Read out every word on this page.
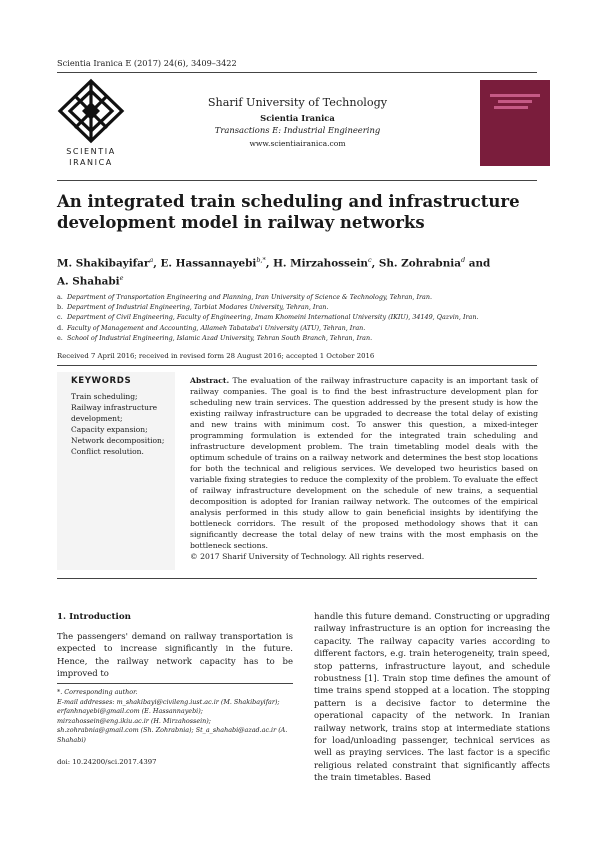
Scientia Iranica E (2017) 24(6), 3409–3422
SCIENTIA
IRANICA
Sharif University of Technology
Scientia Iranica
Transactions E: Industrial Engineering
www.scientiairanica.com
An integrated train scheduling and infrastructure development model in railway networks
M. Shakibayifar$^a$, E. Hassannayebi$^{b,*}$, H. Mirzahossein$^c$, Sh. Zohrabnia$^d$ and
A. Shahabi$^e$
a. Department of Transportation Engineering and Planning, Iran University of Science & Technology, Tehran, Iran.
b. Department of Industrial Engineering, Tarbiat Modares University, Tehran, Iran.
c. Department of Civil Engineering, Faculty of Engineering, Imam Khomeini International University (IKIU), 34149, Qazvin, Iran.
d. Faculty of Management and Accounting, Allameh Tabataba'i University (ATU), Tehran, Iran.
e. School of Industrial Engineering, Islamic Azad University, Tehran South Branch, Tehran, Iran.
Received 7 April 2016; received in revised form 28 August 2016; accepted 1 October 2016
KEYWORDS
Train scheduling;
Railway infrastructure development;
Capacity expansion;
Network decomposition;
Conflict resolution.
Abstract. The evaluation of the railway infrastructure capacity is an important task of railway companies. The goal is to find the best infrastructure development plan for scheduling new train services. The question addressed by the present study is how the existing railway infrastructure can be upgraded to decrease the total delay of existing and new trains with minimum cost. To answer this question, a mixed-integer programming formulation is extended for the integrated train scheduling and infrastructure development problem. The train timetabling model deals with the optimum schedule of trains on a railway network and determines the best stop locations for both the technical and religious services. We developed two heuristics based on variable fixing strategies to reduce the complexity of the problem. To evaluate the effect of railway infrastructure development on the schedule of new trains, a sequential decomposition is adopted for Iranian railway network. The outcomes of the empirical analysis performed in this study allow to gain beneficial insights by identifying the bottleneck corridors. The result of the proposed methodology shows that it can significantly decrease the total delay of new trains with the most emphasis on the bottleneck sections.
© 2017 Sharif University of Technology. All rights reserved.
1. Introduction
The passengers' demand on railway transportation is expected to increase significantly in the future. Hence, the railway network capacity has to be improved to
*. Corresponding author.
E-mail addresses: m_shakibayi@civileng.iust.ac.ir (M. Shakibayifar); erfanhnayebi@gmail.com (E. Hassannayebi); mirzahossein@eng.ikiu.ac.ir (H. Mirzahossein); sh.zohrabnia@gmail.com (Sh. Zohrabnia); St_a_shahabi@azad.ac.ir (A. Shahabi)
doi: 10.24200/sci.2017.4397
handle this future demand. Constructing or upgrading railway infrastructure is an option for increasing the capacity. The railway capacity varies according to different factors, e.g. train heterogeneity, train speed, stop patterns, infrastructure layout, and schedule robustness [1]. Train stop time defines the amount of time trains spend stopped at a location. The stopping pattern is a decisive factor to determine the operational capacity of the network. In Iranian railway network, trains stop at intermediate stations for load/unloading passenger, technical services as well as praying services. The last factor is a specific religious related constraint that significantly affects the train timetables. Based
